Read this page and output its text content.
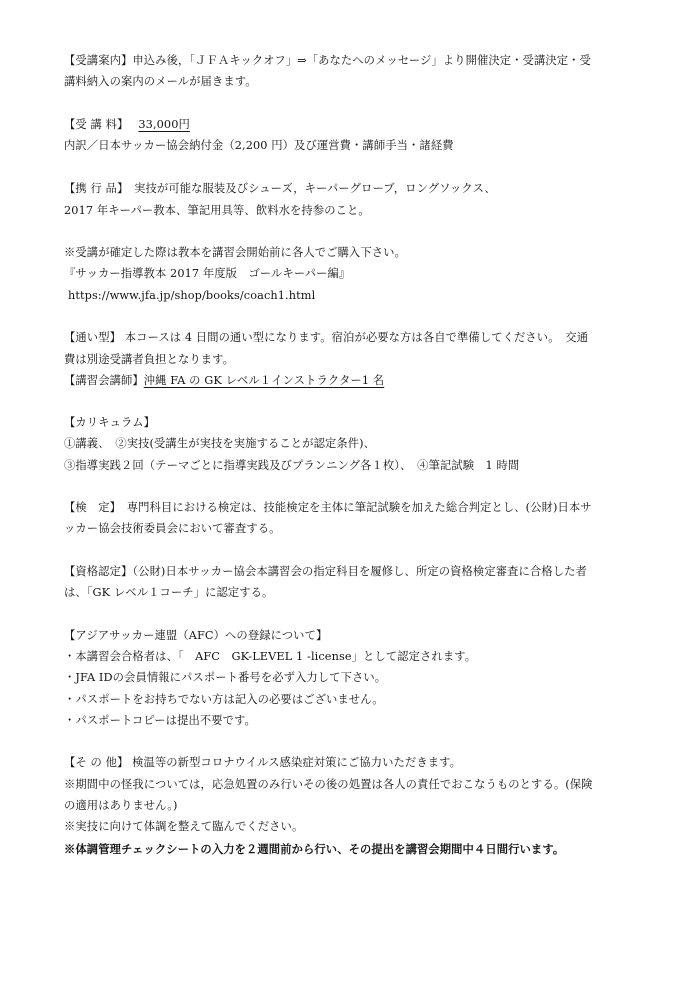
【受講案内】申込み後，「ＪＦＡキックオフ」⇒「あなたへのメッセージ」より開催決定・受講決定・受
講料納入の案内のメールが届きます。
【受 講 料】 33,000円
内訳／日本サッカー協会納付金（2,200 円）及び運営費・講師手当・諸経費
【携 行 品】　 実技が可能な服装及びシューズ，キーパーグローブ，ロングソックス、
2017 年キーパー教本、筆記用具等、飲料水を持参のこと。
※受講が確定した際は教本を講習会開始前に各人でご購入下さい。
『サッカー指導教本 2017 年度版　ゴールキーパー編』
https://www.jfa.jp/shop/books/coach1.html
【通い型】 本コースは 4 日間の通い型になります。宿泊が必要な方は各自で準備してください。　交通
費は別途受講者負担となります。
【講習会講師】沖縄 FA の GK レベル１インストラクター1 名
【カリキュラム】
①講義、　②実技(受講生が実技を実施することが認定条件)、
③指導実践２回（テーマごとに指導実践及びプランニング各１枚）、　④筆記試験　1 時間
【検　定】　 専門科目における検定は、技能検定を主体に筆記試験を加えた総合判定とし、(公財)日本サ
ッカー協会技術委員会において審査する。
【資格認定】（公財)日本サッカー協会本講習会の指定科目を履修し、所定の資格検定審査に合格した者
は、「GK レベル１コーチ」に認定する。
【アジアサッカー連盟（AFC）への登録について】
・本講習会合格者は、「　AFC　GK-LEVEL 1 -license」として認定されます。
・JFA IDの会員情報にパスポート番号を必ず入力して下さい。
・パスポートをお持ちでない方は記入の必要はございません。
・パスポートコピーは提出不要です。
【そ の 他】 検温等の新型コロナウイルス感染症対策にご協力いただきます。
※期間中の怪我については，応急処置のみ行いその後の処置は各人の責任でおこなうものとする。(保険
の適用はありません。)
※実技に向けて体調を整えて臨んでください。
※体調管理チェックシートの入力を２週間前から行い、その提出を講習会期間中４日間行います。
